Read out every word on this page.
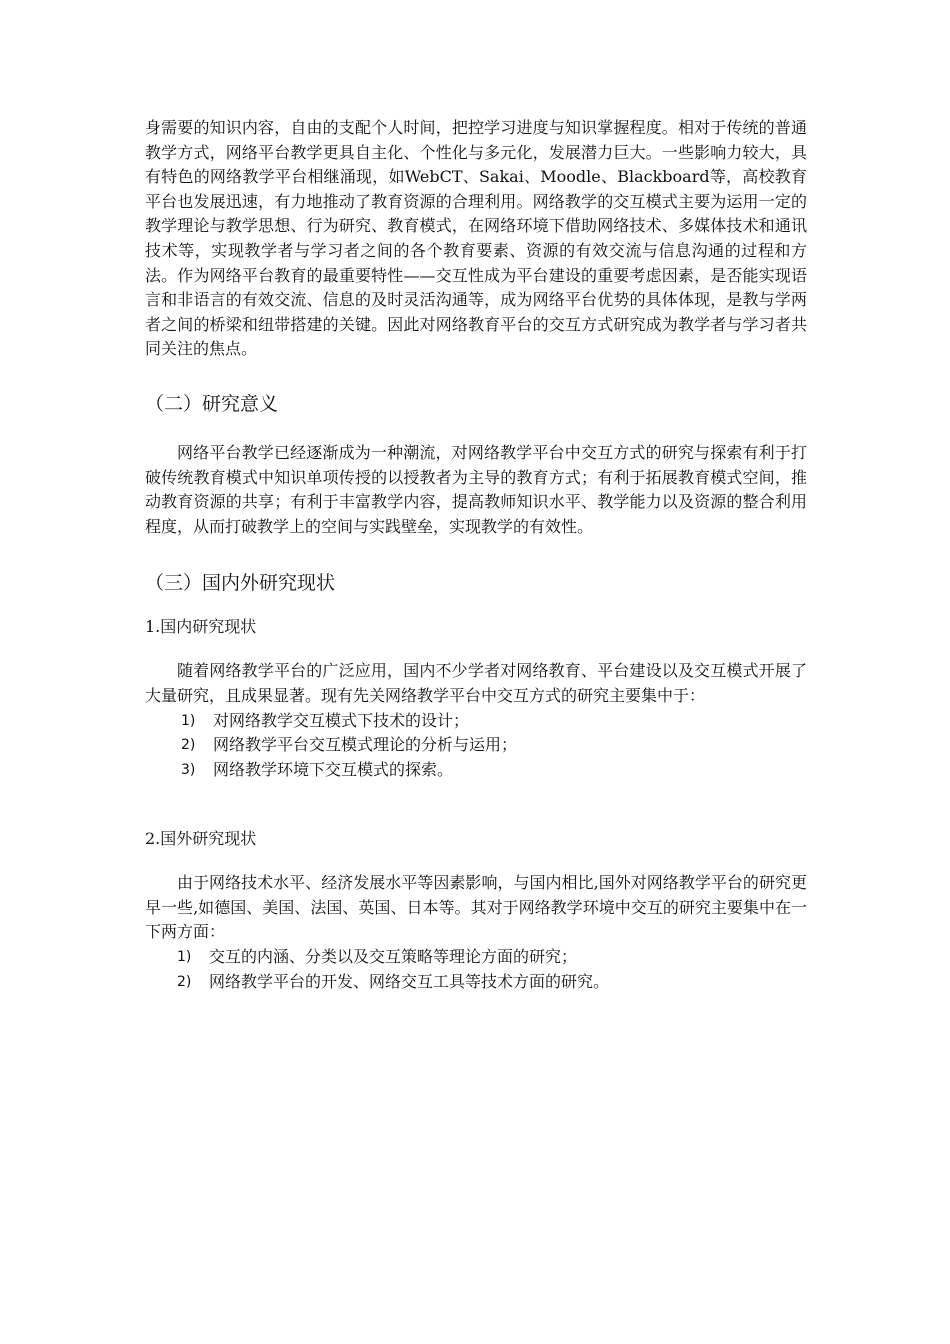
身需要的知识内容，自由的支配个人时间，把控学习进度与知识掌握程度。相对于传统的普通教学方式，网络平台教学更具自主化、个性化与多元化，发展潜力巨大。一些影响力较大，具有特色的网络教学平台相继涌现，如WebCT、Sakai、Moodle、Blackboard等，高校教育平台也发展迅速，有力地推动了教育资源的合理利用。网络教学的交互模式主要为运用一定的教学理论与教学思想、行为研究、教育模式，在网络环境下借助网络技术、多媒体技术和通讯技术等，实现教学者与学习者之间的各个教育要素、资源的有效交流与信息沟通的过程和方法。作为网络平台教育的最重要特性——交互性成为平台建设的重要考虑因素，是否能实现语言和非语言的有效交流、信息的及时灵活沟通等，成为网络平台优势的具体体现，是教与学两者之间的桥梁和纽带搭建的关键。因此对网络教育平台的交互方式研究成为教学者与学习者共同关注的焦点。

（二）研究意义

网络平台教学已经逐渐成为一种潮流，对网络教学平台中交互方式的研究与探索有利于打破传统教育模式中知识单项传授的以授教者为主导的教育方式；有利于拓展教育模式空间，推动教育资源的共享；有利于丰富教学内容，提高教师知识水平、教学能力以及资源的整合利用程度，从而打破教学上的空间与实践壁垒，实现教学的有效性。

（三）国内外研究现状
1.国内研究现状

随着网络教学平台的广泛应用，国内不少学者对网络教育、平台建设以及交互模式开展了大量研究，且成果显著。现有先关网络教学平台中交互方式的研究主要集中于：

1)	对网络教学交互模式下技术的设计；
2)	网络教学平台交互模式理论的分析与运用；
3)	网络教学环境下交互模式的探索。
2.国外研究现状

由于网络技术水平、经济发展水平等因素影响，与国内相比,国外对网络教学平台的研究更早一些,如德国、美国、法国、英国、日本等。其对于网络教学环境中交互的研究主要集中在一下两方面：

1)	交互的内涵、分类以及交互策略等理论方面的研究；
2)	网络教学平台的开发、网络交互工具等技术方面的研究。
